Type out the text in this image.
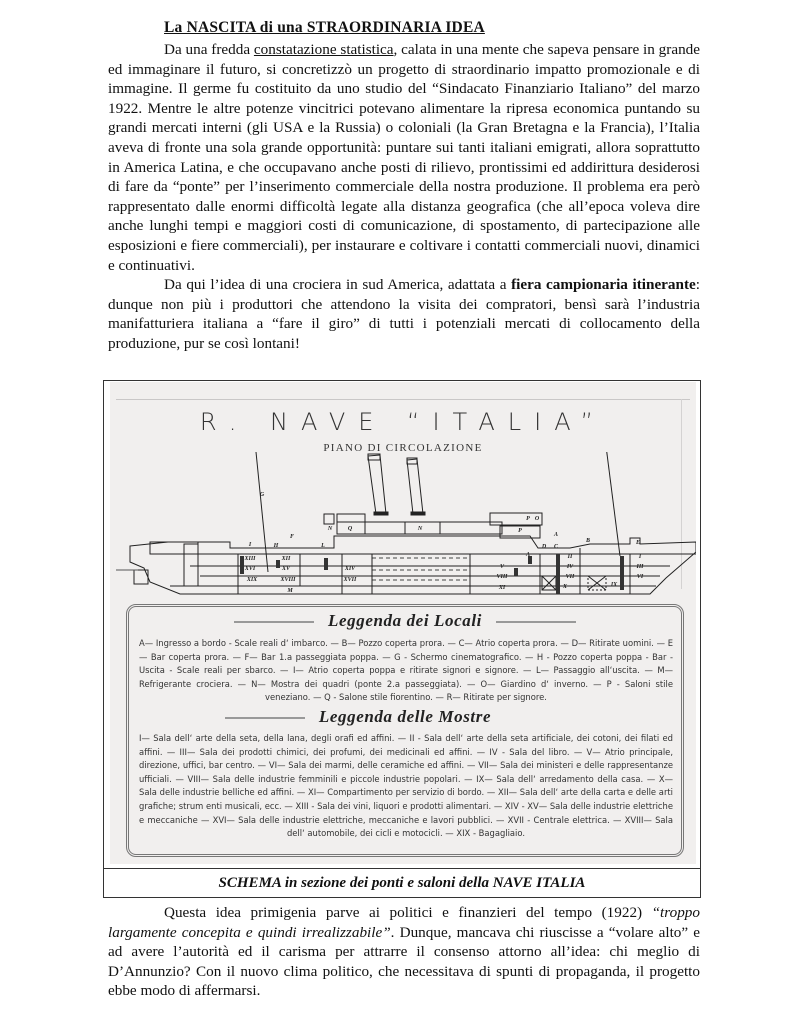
La NASCITA di una STRAORDINARIA IDEA

Da una fredda constatazione statistica, calata in una mente che sapeva pensare in grande ed immaginare il futuro, si concretizzò un progetto di straordinario impatto promozionale e di immagine. Il germe fu costituito da uno studio del “Sindacato Finanziario Italiano” del marzo 1922. Mentre le altre potenze vincitrici potevano alimentare la ripresa economica puntando su grandi mercati interni (gli USA e la Russia) o coloniali (la Gran Bretagna e la Francia), l’Italia aveva di fronte una sola grande opportunità: puntare sui tanti italiani emigrati, allora soprattutto in America Latina, e che occupavano anche posti di rilievo, prontissimi ed addirittura desiderosi di fare da “ponte” per l’inserimento commerciale della nostra produzione. Il problema era però rappresentato dalle enormi difficoltà legate alla distanza geografica (che all’epoca voleva dire anche lunghi tempi e maggiori costi di comunicazione, di spostamento, di partecipazione alle esposizioni e fiere commerciali), per instaurare e coltivare i contatti commerciali nuovi, dinamici e continuativi.
Da qui l’idea di una crociera in sud America, adattata a fiera campionaria itinerante: dunque non più i produttori che attendono la visita dei compratori, bensì sarà l’industria manifatturiera italiana a “fare il giro” di tutti i potenziali mercati di collocamento della produzione, pur se così lontani!

R. NAVE “ITALIA”
PIANO DI CIRCOLAZIONE
G
F
I	H	L
N	Q	N
P O
P
A
B
D C
E
A
XIII	XII
XVI	XV	XIV
XIX	XVIII	XVII
M
II	I
IV	III
V
VIII	VII	VI
XI	X	IX
Leggenda dei Locali
A— Ingresso a bordo - Scale reali d‘ imbarco. — B— Pozzo coperta prora. — C— Atrio coperta prora. — D— Ritirate uomini. — E— Bar coperta prora. — F— Bar 1.a passeggiata poppa. — G - Schermo cinematografico. — H - Pozzo coperta poppa - Bar - Uscita - Scale reali per sbarco. — I— Atrio coperta poppa e ritirate signori e signore. — L— Passaggio all‘uscita. — M— Refrigerante crociera. — N— Mostra dei quadri (ponte 2.a passeggiata). — O— Giardino d‘ inverno. — P - Saloni stile veneziano. — Q - Salone stile fiorentino. — R— Ritirate per signore.
Leggenda delle Mostre
I— Sala dell‘ arte della seta, della lana, degli orafi ed affini. — II - Sala dell‘ arte della seta artificiale, dei cotoni, dei filati ed affini. — III— Sala dei prodotti chimici, dei profumi, dei medicinali ed affini. — IV - Sala del libro. — V— Atrio principale, direzione, uffici, bar centro. — VI— Sala dei marmi, delle ceramiche ed affini. — VII— Sala dei ministeri e delle rappresentanze ufficiali. — VIII— Sala delle industrie femminili e piccole industrie popolari. — IX— Sala dell‘ arredamento della casa. — X— Sala delle industrie belliche ed affini. — XI— Compartimento per servizio di bordo. — XII— Sala dell‘ arte della carta e delle arti grafiche; strum enti musicali, ecc. — XIII - Sala dei vini, liquori e prodotti alimentari. — XIV - XV— Sala delle industrie elettriche e meccaniche — XVI— Sala delle industrie elettriche, meccaniche e lavori pubblici. — XVII - Centrale elettrica. — XVIII— Sala dell‘ automobile, dei cicli e motocicli. — XIX - Bagagliaio.
SCHEMA in sezione dei ponti e saloni della NAVE ITALIA

Questa idea primigenia parve ai politici e finanzieri del tempo (1922) “troppo largamente concepita e quindi irrealizzabile”. Dunque, mancava chi riuscisse a “volare alto” e ad avere l’autorità ed il carisma per attrarre il consenso attorno all’idea: chi meglio di D’Annunzio? Con il nuovo clima politico, che necessitava di spunti di propaganda, il progetto ebbe modo di affermarsi.
